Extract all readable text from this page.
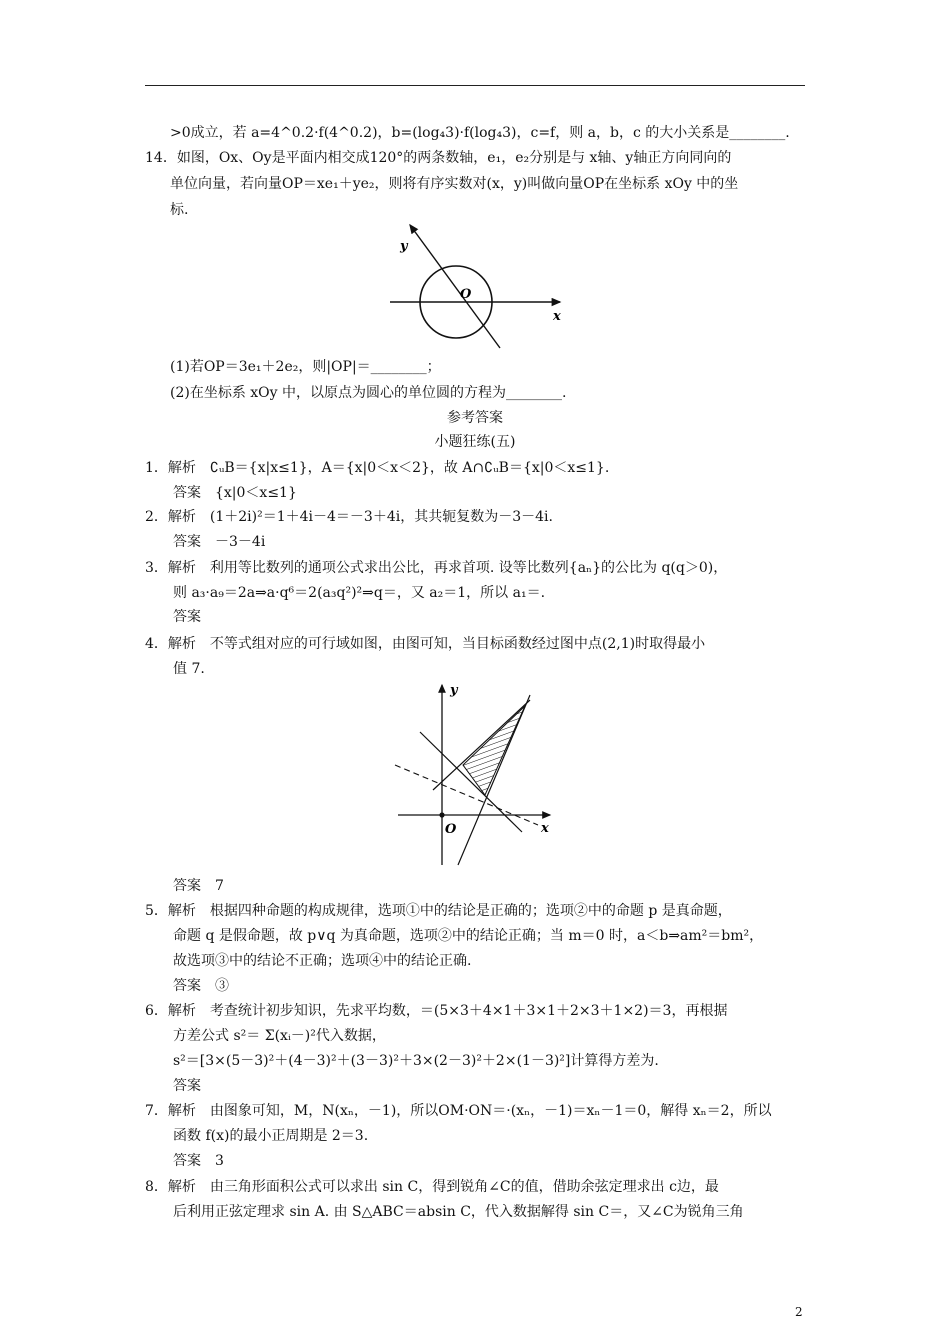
>0成立，若 a=4^0.2·f(4^0.2)，b=(log₄3)·f(log₄3)，c=f，则 a，b，c 的大小关系是________.
14．如图，Ox、Oy是平面内相交成120°的两条数轴，e₁，e₂分别是与 x轴、y轴正方向同向的
单位向量，若向量OP＝xe₁＋ye₂，则将有序实数对(x，y)叫做向量OP在坐标系 xOy 中的坐
标.
y
O
x
(1)若OP＝3e₁＋2e₂，则|OP|＝________；
(2)在坐标系 xOy 中，以原点为圆心的单位圆的方程为________.
参考答案
小题狂练(五)
1．解析　∁ᵤB＝{x|x≤1}，A＝{x|0＜x＜2}，故 A∩∁ᵤB＝{x|0＜x≤1}.
答案　{x|0＜x≤1}
2．解析　(1＋2i)²＝1＋4i－4＝－3＋4i，其共轭复数为－3－4i.
答案　－3－4i
3．解析　利用等比数列的通项公式求出公比，再求首项. 设等比数列{aₙ}的公比为 q(q＞0)，
则 a₃·a₉＝2a⇒a·q⁶＝2(a₃q²)²⇒q＝，又 a₂＝1，所以 a₁＝.
答案
4．解析　不等式组对应的可行域如图，由图可知，当目标函数经过图中点(2,1)时取得最小
值 7.
y
O	x
答案　7
5．解析　根据四种命题的构成规律，选项①中的结论是正确的；选项②中的命题 p 是真命题，
命题 q 是假命题，故 p∨q 为真命题，选项②中的结论正确；当 m＝0 时，a＜b⇒am²＝bm²，
故选项③中的结论不正确；选项④中的结论正确.
答案　③
6．解析　考查统计初步知识，先求平均数，＝(5×3＋4×1＋3×1＋2×3＋1×2)＝3，再根据
方差公式 s²＝ Σ(xᵢ－)²代入数据，
s²＝[3×(5－3)²＋(4－3)²＋(3－3)²＋3×(2－3)²＋2×(1－3)²]计算得方差为.
答案
7．解析　由图象可知，M，N(xₙ，－1)，所以OM·ON＝·(xₙ，－1)＝xₙ－1＝0，解得 xₙ＝2，所以
函数 f(x)的最小正周期是 2＝3.
答案　3
8．解析　由三角形面积公式可以求出 sin C，得到锐角∠C的值，借助余弦定理求出 c边，最
后利用正弦定理求 sin A. 由 S△ABC＝absin C，代入数据解得 sin C＝，又∠C为锐角三角
2
